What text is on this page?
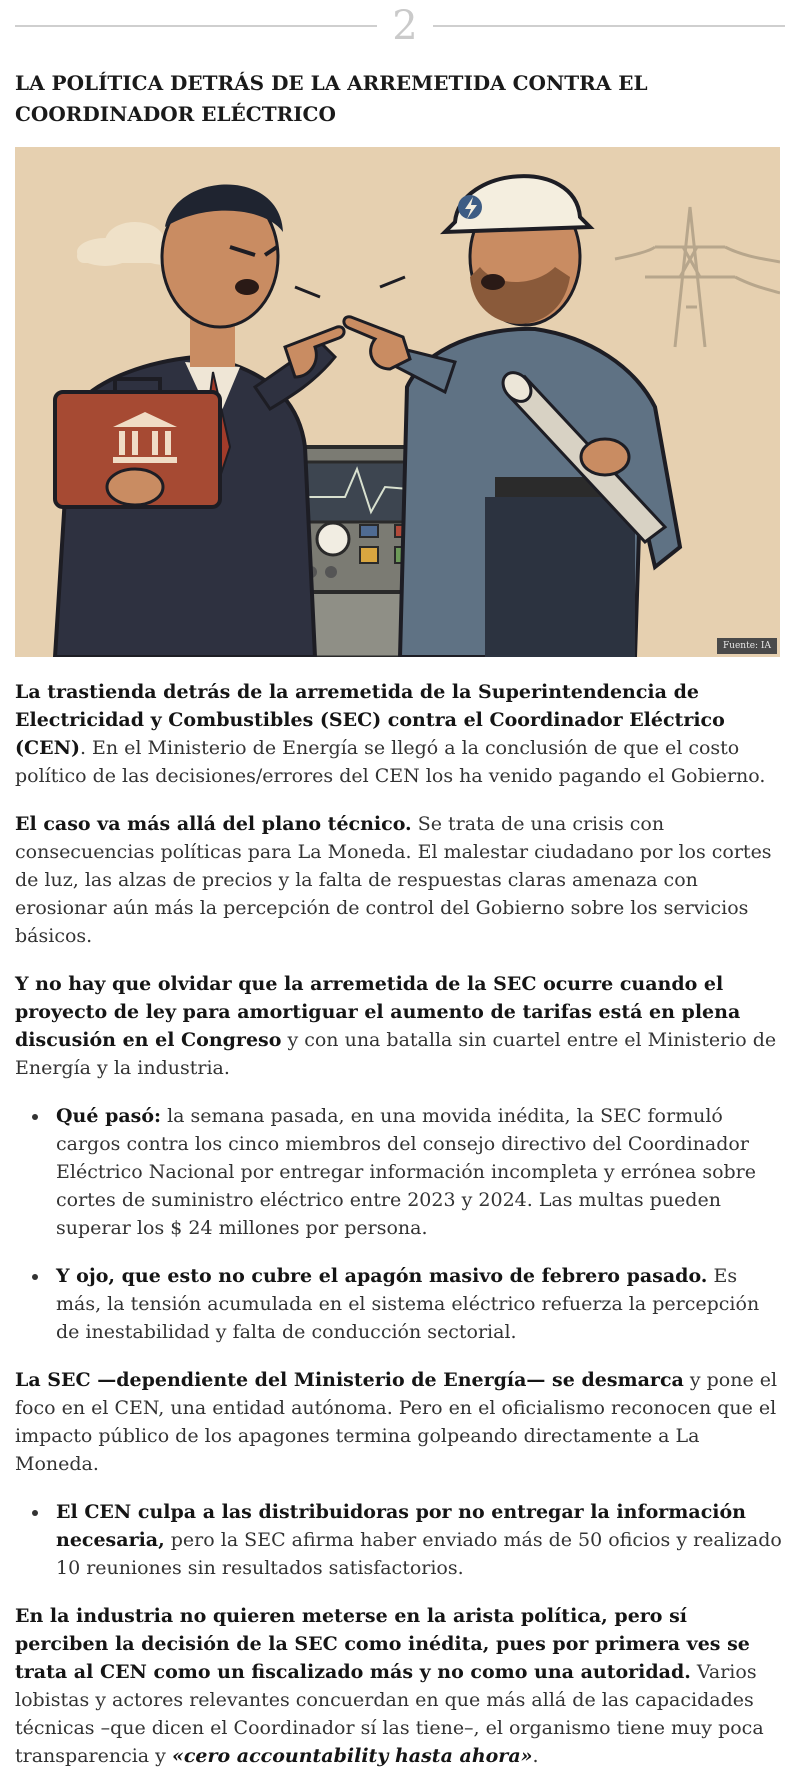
2
LA POLÍTICA DETRÁS DE LA ARREMETIDA CONTRA EL COORDINADOR ELÉCTRICO
Fuente: IA

La trastienda detrás de la arremetida de la Superintendencia de Electricidad y Combustibles (SEC) contra el Coordinador Eléctrico (CEN). En el Ministerio de Energía se llegó a la conclusión de que el costo político de las decisiones/errores del CEN los ha venido pagando el Gobierno.

El caso va más allá del plano técnico. Se trata de una crisis con consecuencias políticas para La Moneda. El malestar ciudadano por los cortes de luz, las alzas de precios y la falta de respuestas claras amenaza con erosionar aún más la percepción de control del Gobierno sobre los servicios básicos.

Y no hay que olvidar que la arremetida de la SEC ocurre cuando el proyecto de ley para amortiguar el aumento de tarifas está en plena discusión en el Congreso y con una batalla sin cuartel entre el Ministerio de Energía y la industria.

Qué pasó: la semana pasada, en una movida inédita, la SEC formuló cargos contra los cinco miembros del consejo directivo del Coordinador Eléctrico Nacional por entregar información incompleta y errónea sobre cortes de suministro eléctrico entre 2023 y 2024. Las multas pueden superar los $ 24 millones por persona.
Y ojo, que esto no cubre el apagón masivo de febrero pasado. Es más, la tensión acumulada en el sistema eléctrico refuerza la percepción de inestabilidad y falta de conducción sectorial.

La SEC —dependiente del Ministerio de Energía— se desmarca y pone el foco en el CEN, una entidad autónoma. Pero en el oficialismo reconocen que el impacto público de los apagones termina golpeando directamente a La Moneda.

El CEN culpa a las distribuidoras por no entregar la información necesaria, pero la SEC afirma haber enviado más de 50 oficios y realizado 10 reuniones sin resultados satisfactorios.

En la industria no quieren meterse en la arista política, pero sí perciben la decisión de la SEC como inédita, pues por primera ves se trata al CEN como un fiscalizado más y no como una autoridad. Varios lobistas y actores relevantes concuerdan en que más allá de las capacidades técnicas –que dicen el Coordinador sí las tiene–, el organismo tiene muy poca transparencia y «cero accountability hasta ahora».
